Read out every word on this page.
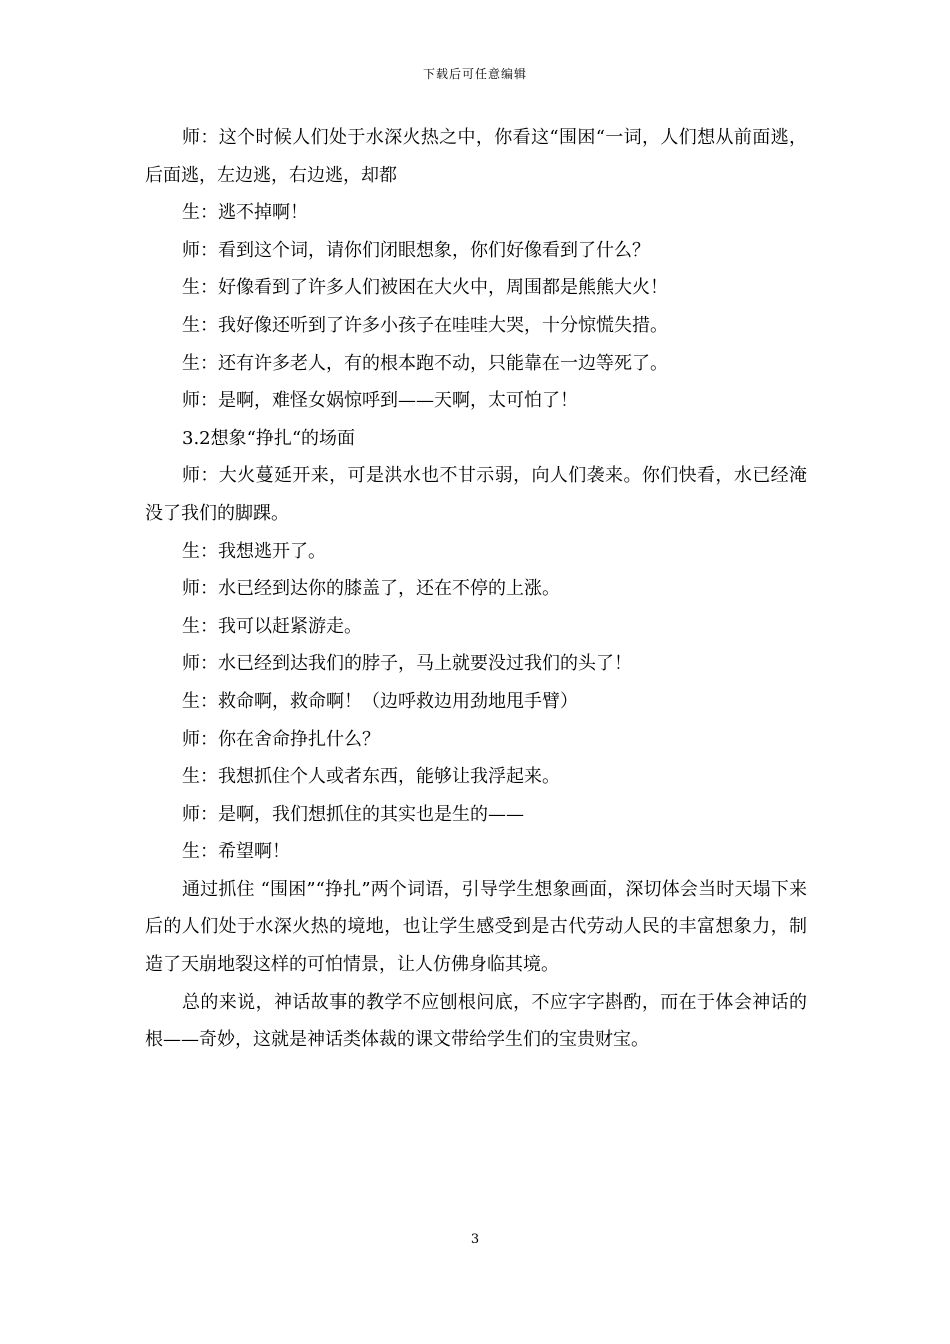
下载后可任意编辑

师：这个时候人们处于水深火热之中，你看这“围困“一词，人们想从前面逃，后面逃，左边逃，右边逃，却都

生：逃不掉啊！

师：看到这个词，请你们闭眼想象，你们好像看到了什么？

生：好像看到了许多人们被困在大火中，周围都是熊熊大火！

生：我好像还听到了许多小孩子在哇哇大哭，十分惊慌失措。

生：还有许多老人，有的根本跑不动，只能靠在一边等死了。

师：是啊，难怪女娲惊呼到——天啊，太可怕了！

3.2想象“挣扎“的场面

师：大火蔓延开来，可是洪水也不甘示弱，向人们袭来。你们快看，水已经淹没了我们的脚踝。

生：我想逃开了。

师：水已经到达你的膝盖了，还在不停的上涨。

生：我可以赶紧游走。

师：水已经到达我们的脖子，马上就要没过我们的头了！

生：救命啊，救命啊！（边呼救边用劲地甩手臂）

师：你在舍命挣扎什么？

生：我想抓住个人或者东西，能够让我浮起来。

师：是啊，我们想抓住的其实也是生的——

生：希望啊！

通过抓住 “围困”“挣扎”两个词语，引导学生想象画面，深切体会当时天塌下来后的人们处于水深火热的境地，也让学生感受到是古代劳动人民的丰富想象力，制造了天崩地裂这样的可怕情景，让人仿佛身临其境。

总的来说，神话故事的教学不应刨根问底，不应字字斟酌，而在于体会神话的根——奇妙，这就是神话类体裁的课文带给学生们的宝贵财宝。

3
